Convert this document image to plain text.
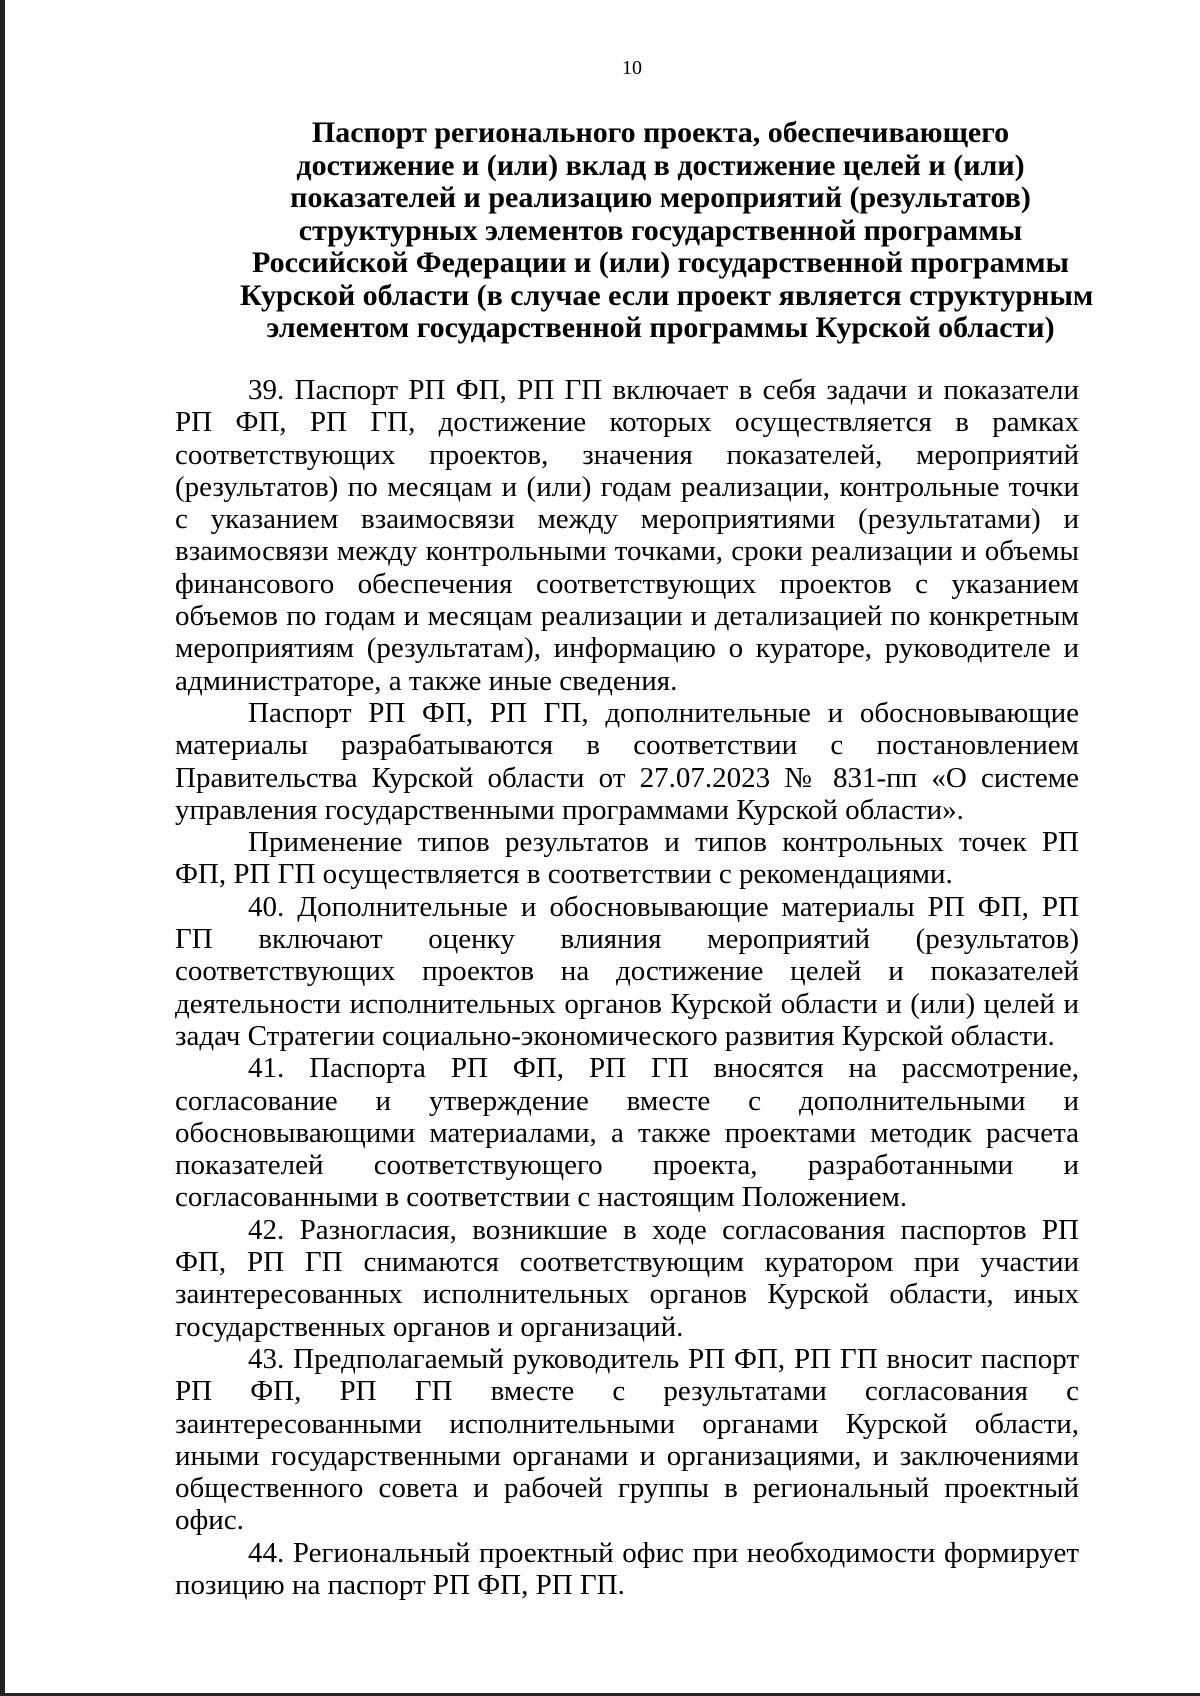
10
Паспорт регионального проекта, обеспечивающего
достижение и (или) вклад в достижение целей и (или)
показателей и реализацию мероприятий (результатов)
структурных элементов государственной программы
Российской Федерации и (или) государственной программы
Курской области (в случае если проект является структурным
элементом государственной программы Курской области)

39. Паспорт РП ФП, РП ГП включает в себя задачи и показатели РП ФП, РП ГП, достижение которых осуществляется в рамках соответствующих проектов, значения показателей, мероприятий (результатов) по месяцам и (или) годам реализации, контрольные точки с указанием взаимосвязи между мероприятиями (результатами) и взаимосвязи между контрольными точками, сроки реализации и объемы финансового обеспечения соответствующих проектов с указанием объемов по годам и месяцам реализации и детализацией по конкретным мероприятиям (результатам), информацию о кураторе, руководителе и администраторе, а также иные сведения.

Паспорт РП ФП, РП ГП, дополнительные и обосновывающие материалы разрабатываются в соответствии с постановлением Правительства Курской области от 27.07.2023 № 831-пп «О системе управления государственными программами Курской области».

Применение типов результатов и типов контрольных точек РП ФП, РП ГП осуществляется в соответствии с рекомендациями.

40. Дополнительные и обосновывающие материалы РП ФП, РП ГП включают оценку влияния мероприятий (результатов) соответствующих проектов на достижение целей и показателей деятельности исполнительных органов Курской области и (или) целей и задач Стратегии социально-экономического развития Курской области.

41. Паспорта РП ФП, РП ГП вносятся на рассмотрение, согласование и утверждение вместе с дополнительными и обосновывающими материалами, а также проектами методик расчета показателей соответствующего проекта, разработанными и согласованными в соответствии с настоящим Положением.

42. Разногласия, возникшие в ходе согласования паспортов РП ФП, РП ГП снимаются соответствующим куратором при участии заинтересованных исполнительных органов Курской области, иных государственных органов и организаций.

43. Предполагаемый руководитель РП ФП, РП ГП вносит паспорт РП ФП, РП ГП вместе с результатами согласования с заинтересованными исполнительными органами Курской области, иными государственными органами и организациями, и заключениями общественного совета и рабочей группы в региональный проектный офис.

44. Региональный проектный офис при необходимости формирует позицию на паспорт РП ФП, РП ГП.
